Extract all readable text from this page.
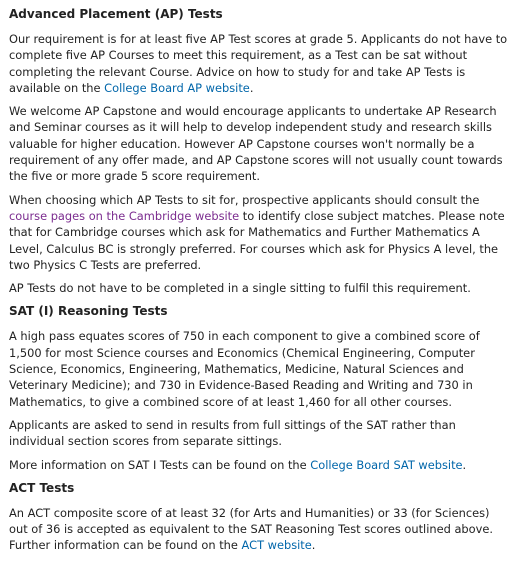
Advanced Placement (AP) Tests

Our requirement is for at least five AP Test scores at grade 5. Applicants do not have to complete five AP Courses to meet this requirement, as a Test can be sat without completing the relevant Course. Advice on how to study for and take AP Tests is available on the College Board AP website.

We welcome AP Capstone and would encourage applicants to undertake AP Research and Seminar courses as it will help to develop independent study and research skills valuable for higher education. However AP Capstone courses won't normally be a requirement of any offer made, and AP Capstone scores will not usually count towards the five or more grade 5 score requirement.

When choosing which AP Tests to sit for, prospective applicants should consult the course pages on the Cambridge website to identify close subject matches. Please note that for Cambridge courses which ask for Mathematics and Further Mathematics A Level, Calculus BC is strongly preferred. For courses which ask for Physics A level, the two Physics C Tests are preferred.

AP Tests do not have to be completed in a single sitting to fulfil this requirement.

SAT (I) Reasoning Tests

A high pass equates scores of 750 in each component to give a combined score of 1,500 for most Science courses and Economics (Chemical Engineering, Computer Science, Economics, Engineering, Mathematics, Medicine, Natural Sciences and Veterinary Medicine); and 730 in Evidence-Based Reading and Writing and 730 in Mathematics, to give a combined score of at least 1,460 for all other courses.

Applicants are asked to send in results from full sittings of the SAT rather than individual section scores from separate sittings.

More information on SAT I Tests can be found on the College Board SAT website.

ACT Tests

An ACT composite score of at least 32 (for Arts and Humanities) or 33 (for Sciences) out of 36 is accepted as equivalent to the SAT Reasoning Test scores outlined above. Further information can be found on the ACT website.
